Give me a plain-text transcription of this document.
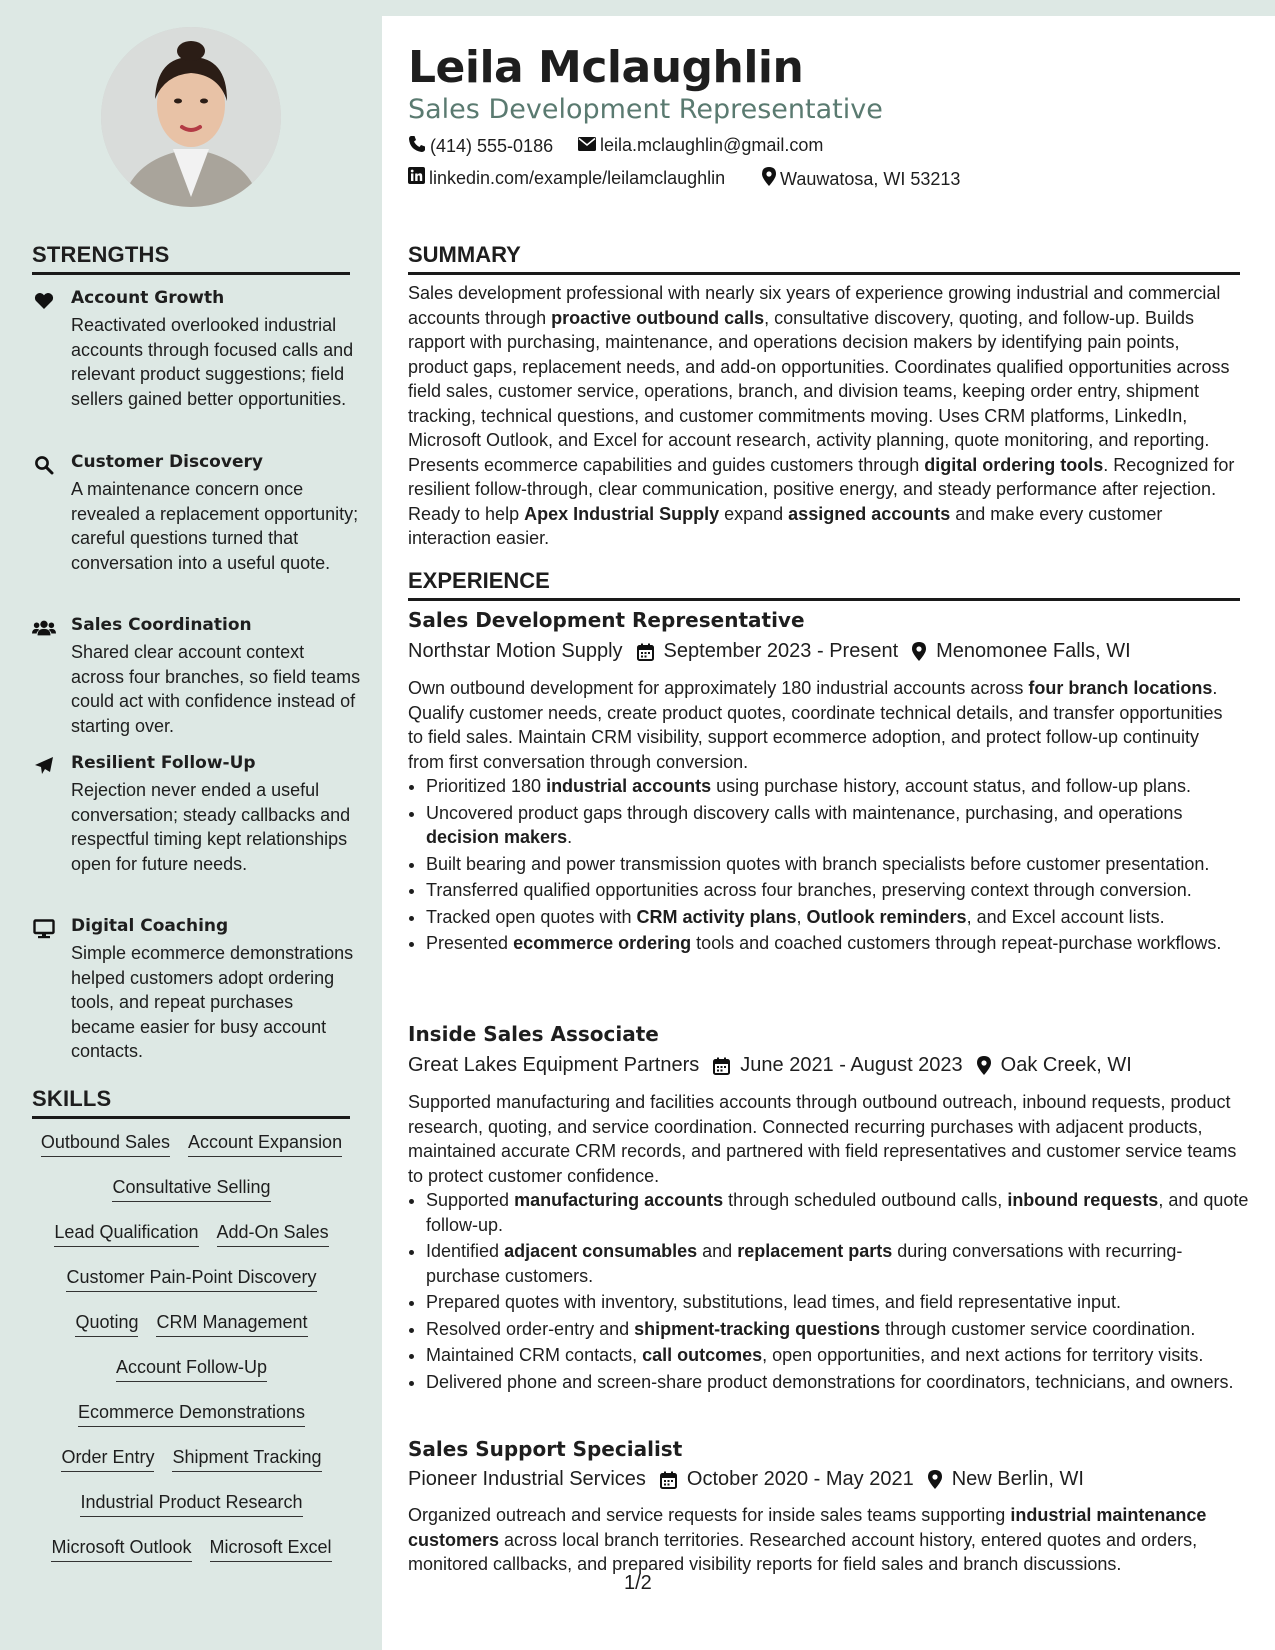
STRENGTHS
Account Growth
Reactivated overlooked industrial accounts through focused calls and relevant product suggestions; field sellers gained better opportunities.
Customer Discovery
A maintenance concern once revealed a replacement opportunity; careful questions turned that conversation into a useful quote.
Sales Coordination
Shared clear account context across four branches, so field teams could act with confidence instead of starting over.
Resilient Follow-Up
Rejection never ended a useful conversation; steady callbacks and respectful timing kept relationships open for future needs.
Digital Coaching
Simple ecommerce demonstrations helped customers adopt ordering tools, and repeat purchases became easier for busy account contacts.
SKILLS
Outbound Sales Account Expansion
Consultative Selling
Lead Qualification Add-On Sales
Customer Pain-Point Discovery
Quoting CRM Management
Account Follow-Up
Ecommerce Demonstrations
Order Entry Shipment Tracking
Industrial Product Research
Microsoft Outlook Microsoft Excel
Leila Mclaughlin
Sales Development Representative
(414) 555-0186	leila.mclaughlin@gmail.com
linkedin.com/example/leilamclaughlin	Wauwatosa, WI 53213
SUMMARY
Sales development professional with nearly six years of experience growing industrial and commercial accounts through proactive outbound calls, consultative discovery, quoting, and follow-up. Builds rapport with purchasing, maintenance, and operations decision makers by identifying pain points, product gaps, replacement needs, and add-on opportunities. Coordinates qualified opportunities across field sales, customer service, operations, branch, and division teams, keeping order entry, shipment tracking, technical questions, and customer commitments moving. Uses CRM platforms, LinkedIn, Microsoft Outlook, and Excel for account research, activity planning, quote monitoring, and reporting. Presents ecommerce capabilities and guides customers through digital ordering tools. Recognized for resilient follow-through, clear communication, positive energy, and steady performance after rejection. Ready to help Apex Industrial Supply expand assigned accounts and make every customer interaction easier.
EXPERIENCE
Sales Development Representative
Northstar Motion Supply September 2023 - Present Menomonee Falls, WI
Own outbound development for approximately 180 industrial accounts across four branch locations. Qualify customer needs, create product quotes, coordinate technical details, and transfer opportunities to field sales. Maintain CRM visibility, support ecommerce adoption, and protect follow-up continuity from first conversation through conversion.
• Prioritized 180 industrial accounts using purchase history, account status, and follow-up plans.
• Uncovered product gaps through discovery calls with maintenance, purchasing, and operations decision makers.
• Built bearing and power transmission quotes with branch specialists before customer presentation.
• Transferred qualified opportunities across four branches, preserving context through conversion.
• Tracked open quotes with CRM activity plans, Outlook reminders, and Excel account lists.
• Presented ecommerce ordering tools and coached customers through repeat-purchase workflows.
Inside Sales Associate
Great Lakes Equipment Partners June 2021 - August 2023 Oak Creek, WI
Supported manufacturing and facilities accounts through outbound outreach, inbound requests, product research, quoting, and service coordination. Connected recurring purchases with adjacent products, maintained accurate CRM records, and partnered with field representatives and customer service teams to protect customer confidence.
• Supported manufacturing accounts through scheduled outbound calls, inbound requests, and quote follow-up.
• Identified adjacent consumables and replacement parts during conversations with recurring-purchase customers.
• Prepared quotes with inventory, substitutions, lead times, and field representative input.
• Resolved order-entry and shipment-tracking questions through customer service coordination.
• Maintained CRM contacts, call outcomes, open opportunities, and next actions for territory visits.
• Delivered phone and screen-share product demonstrations for coordinators, technicians, and owners.
Sales Support Specialist
Pioneer Industrial Services October 2020 - May 2021 New Berlin, WI
Organized outreach and service requests for inside sales teams supporting industrial maintenance customers across local branch territories. Researched account history, entered quotes and orders, monitored callbacks, and prepared visibility reports for field sales and branch discussions.
1/2
